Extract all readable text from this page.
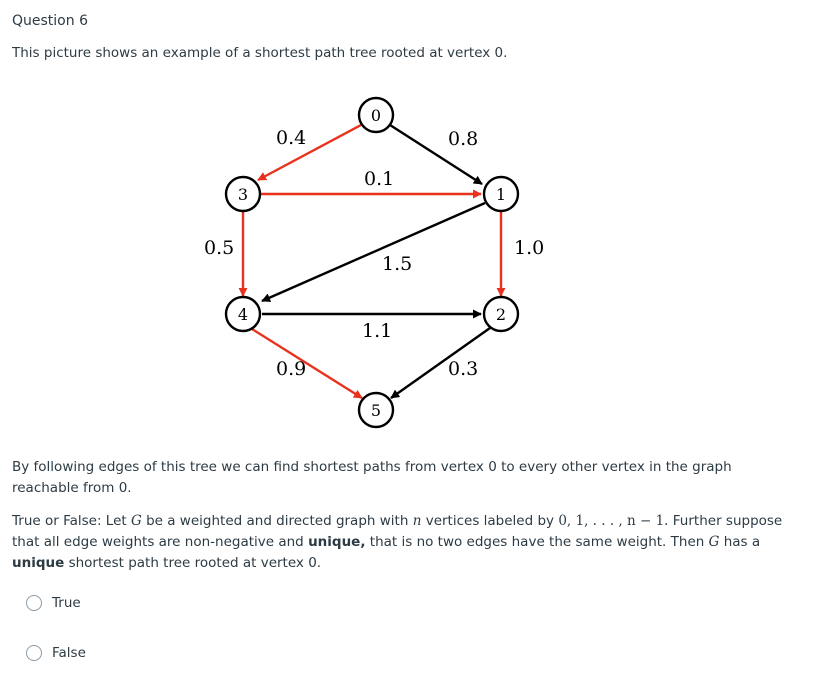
Question 6

This picture shows an example of a shortest path tree rooted at vertex 0.

0.4	0.8
0.1
0.5	1.0
1.5
1.1
0.9	0.3
0
1
2
3
4
5

By following edges of this tree we can find shortest paths from vertex 0 to every other vertex in the graph reachable from 0.

True or False: Let G be a weighted and directed graph with n vertices labeled by 0, 1, . . . , n − 1. Further suppose that all edge weights are non-negative and unique, that is no two edges have the same weight. Then G has a unique shortest path tree rooted at vertex 0.

True
False
